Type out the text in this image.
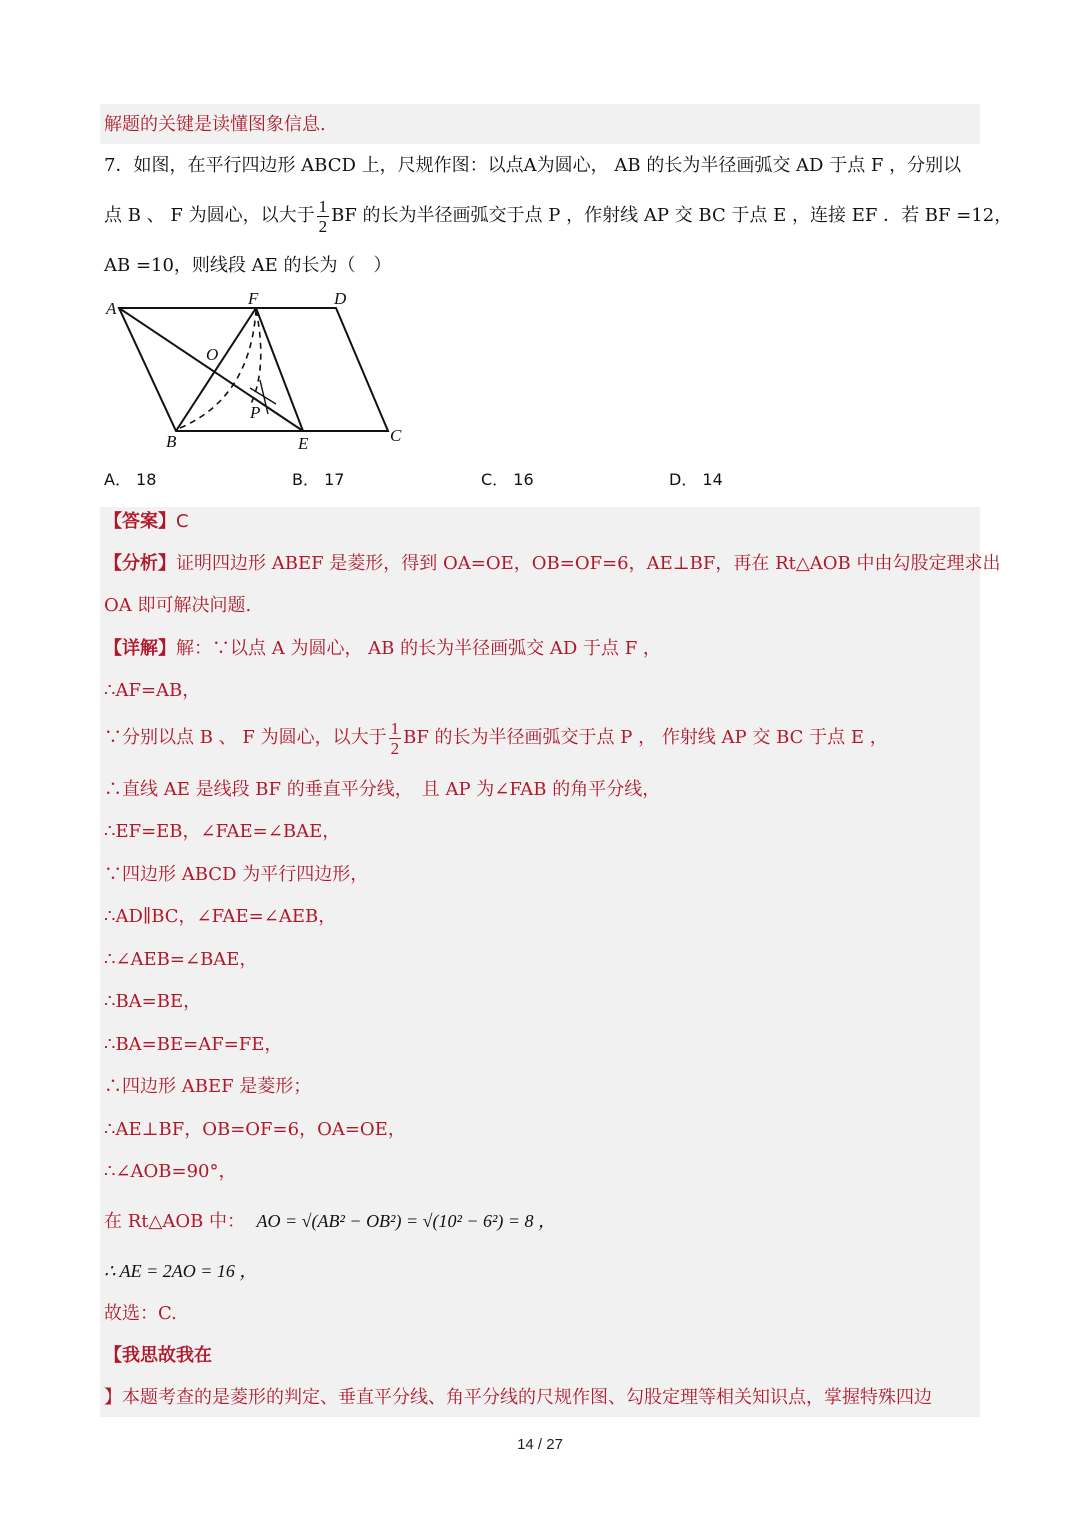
解题的关键是读懂图象信息.
7．如图，在平行四边形 ABCD 上，尺规作图：以点A为圆心， AB 的长为半径画弧交 AD 于点 F ，分别以
点 B 、 F 为圆心，以大于 $\frac{1}{2}$ BF 的长为半径画弧交于点 P ，作射线 AP 交 BC 于点 E ，连接 EF ．若 BF =12，
AB =10，则线段 AE 的长为（　）
A
F	D
O
P
B	E	C
A． 18	B． 17	C． 16	D． 14
【答案】C
【分析】证明四边形 ABEF 是菱形，得到 OA=OE，OB=OF=6，AE⊥BF，再在 Rt△AOB 中由勾股定理求出
OA 即可解决问题.
【详解】解：∵以点 A 为圆心， AB 的长为半径画弧交 AD 于点 F ，
∴AF=AB，
∵分别以点 B 、 F 为圆心，以大于 $\frac{1}{2}$ BF 的长为半径画弧交于点 P ， 作射线 AP 交 BC 于点 E ，
∴直线 AE 是线段 BF 的垂直平分线，　且 AP 为∠FAB 的角平分线，
∴EF=EB，∠FAE=∠BAE，
∵四边形 ABCD 为平行四边形，
∴AD∥BC，∠FAE=∠AEB，
∴∠AEB=∠BAE，
∴BA=BE，
∴BA=BE=AF=FE，
∴四边形 ABEF 是菱形；
∴AE⊥BF，OB=OF=6，OA=OE，
∴∠AOB=90°，
在 Rt△AOB 中： AO = √(AB² − OB²) = √(10² − 6²) = 8 ，
∴ AE = 2AO = 16 ，
故选：C.
【我思故我在
】本题考查的是菱形的判定、垂直平分线、角平分线的尺规作图、勾股定理等相关知识点，掌握特殊四边
14 / 27
